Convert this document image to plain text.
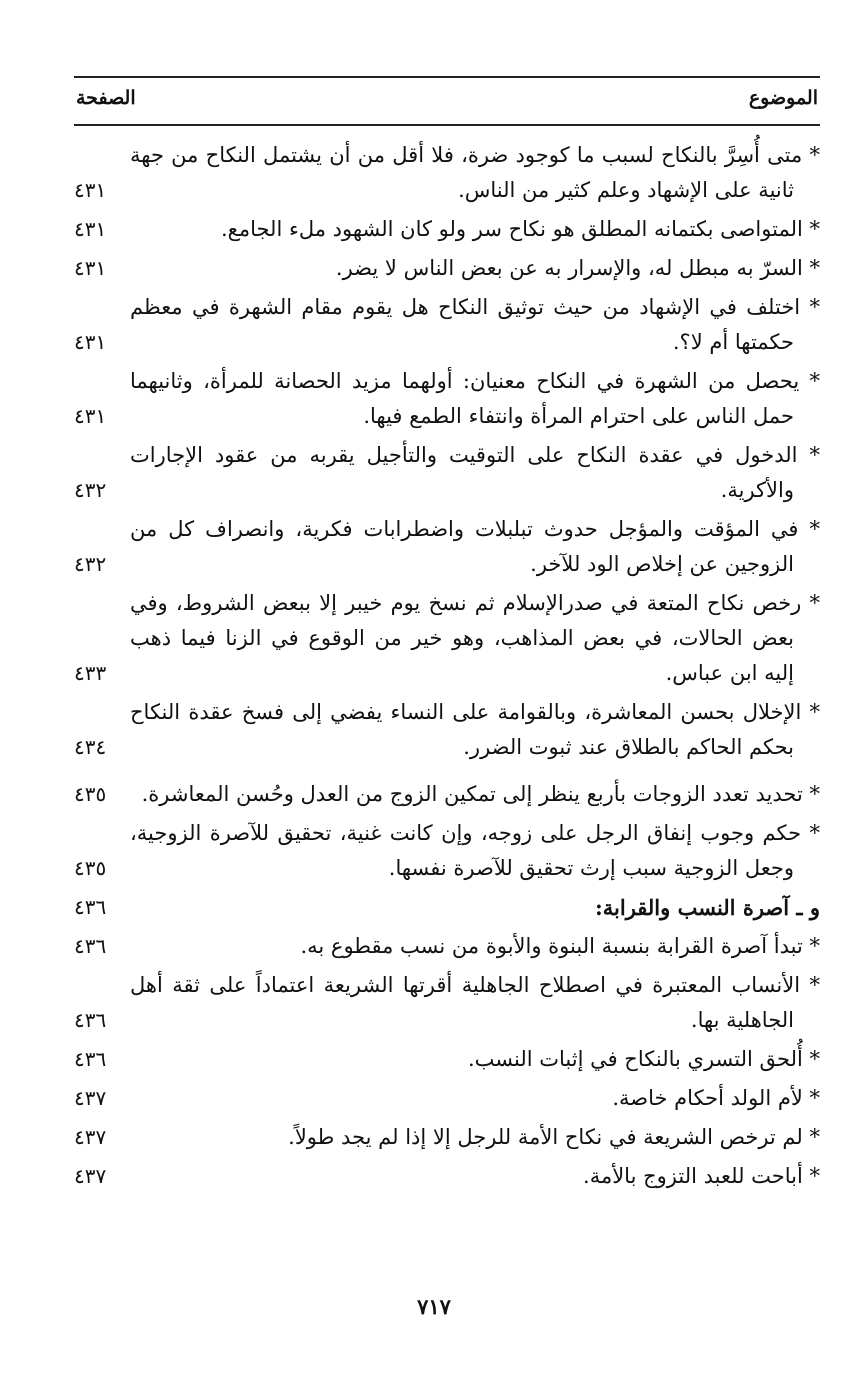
الموضوع
الصفحة
* متى أُسِرَّ بالنكاح لسبب ما كوجود ضرة، فلا أقل من أن يشتمل النكاح من جهة ثانية على الإشهاد وعلم كثير من الناس.
٤٣١
* المتواصى بكتمانه المطلق هو نكاح سر ولو كان الشهود ملء الجامع.
٤٣١
* السرّ به مبطل له، والإسرار به عن بعض الناس لا يضر.
٤٣١
* اختلف في الإشهاد من حيث توثيق النكاح هل يقوم مقام الشهرة في معظم حكمتها أم لا؟.
٤٣١
* يحصل من الشهرة في النكاح معنيان: أولهما مزيد الحصانة للمرأة، وثانيهما حمل الناس على احترام المرأة وانتفاء الطمع فيها.
٤٣١
* الدخول في عقدة النكاح على التوقيت والتأجيل يقربه من عقود الإجارات والأكرية.
٤٣٢
* في المؤقت والمؤجل حدوث تبلبلات واضطرابات فكرية، وانصراف كل من الزوجين عن إخلاص الود للآخر.
٤٣٢
* رخص نكاح المتعة في صدرالإسلام ثم نسخ يوم خيبر إلا ببعض الشروط، وفي بعض الحالات، في بعض المذاهب، وهو خير من الوقوع في الزنا فيما ذهب إليه ابن عباس.
٤٣٣
* الإخلال بحسن المعاشرة، وبالقوامة على النساء يفضي إلى فسخ عقدة النكاح بحكم الحاكم بالطلاق عند ثبوت الضرر.
٤٣٤
* تحديد تعدد الزوجات بأربع ينظر إلى تمكين الزوج من العدل وحُسن المعاشرة.
٤٣٥
* حكم وجوب إنفاق الرجل على زوجه، وإن كانت غنية، تحقيق للآصرة الزوجية، وجعل الزوجية سبب إرث تحقيق للآصرة نفسها.
٤٣٥
و ـ آصرة النسب والقرابة:
٤٣٦
* تبدأ آصرة القرابة بنسبة البنوة والأبوة من نسب مقطوع به.
٤٣٦
* الأنساب المعتبرة في اصطلاح الجاهلية أقرتها الشريعة اعتماداً على ثقة أهل الجاهلية بها.
٤٣٦
* أُلحق التسري بالنكاح في إثبات النسب.
٤٣٦
* لأم الولد أحكام خاصة.
٤٣٧
* لم ترخص الشريعة في نكاح الأمة للرجل إلا إذا لم يجد طولاً.
٤٣٧
* أباحت للعبد التزوج بالأمة.
٤٣٧
٧١٧
